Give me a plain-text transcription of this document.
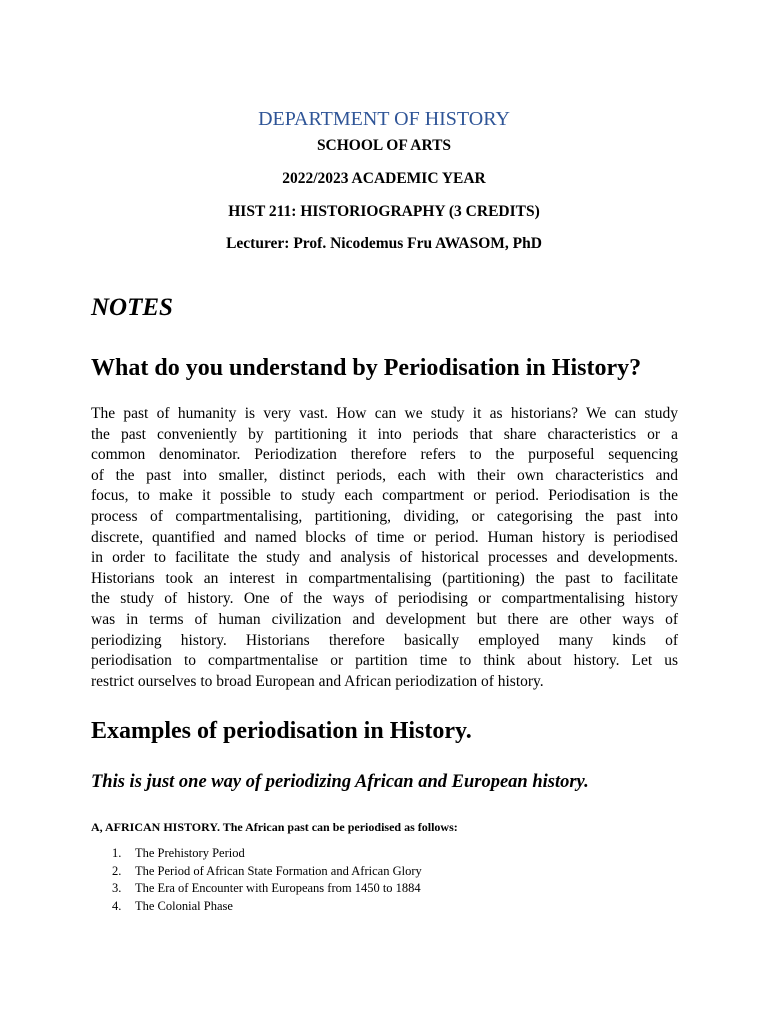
DEPARTMENT OF HISTORY
SCHOOL OF ARTS
2022/2023 ACADEMIC YEAR
HIST 211: HISTORIOGRAPHY (3 CREDITS)
Lecturer: Prof. Nicodemus Fru AWASOM, PhD
NOTES
What do you understand by Periodisation in History?
The past of humanity is very vast. How can we study it as historians? We can study
the past conveniently by partitioning it into periods that share characteristics or a
common denominator. Periodization therefore refers to the purposeful sequencing
of the past into smaller, distinct periods, each with their own characteristics and
focus, to make it possible to study each compartment or period. Periodisation is the
process of compartmentalising, partitioning, dividing, or categorising the past into
discrete, quantified and named blocks of time or period. Human history is periodised
in order to facilitate the study and analysis of historical processes and developments.
Historians took an interest in compartmentalising (partitioning) the past to facilitate
the study of history. One of the ways of periodising or compartmentalising history
was in terms of human civilization and development but there are other ways of
periodizing history. Historians therefore basically employed many kinds of
periodisation to compartmentalise or partition time to think about history. Let us
restrict ourselves to broad European and African periodization of history.
Examples of periodisation in History.
This is just one way of periodizing African and European history.
A, AFRICAN HISTORY. The African past can be periodised as follows:
1. The Prehistory Period
2. The Period of African State Formation and African Glory
3. The Era of Encounter with Europeans from 1450 to 1884
4. The Colonial Phase
